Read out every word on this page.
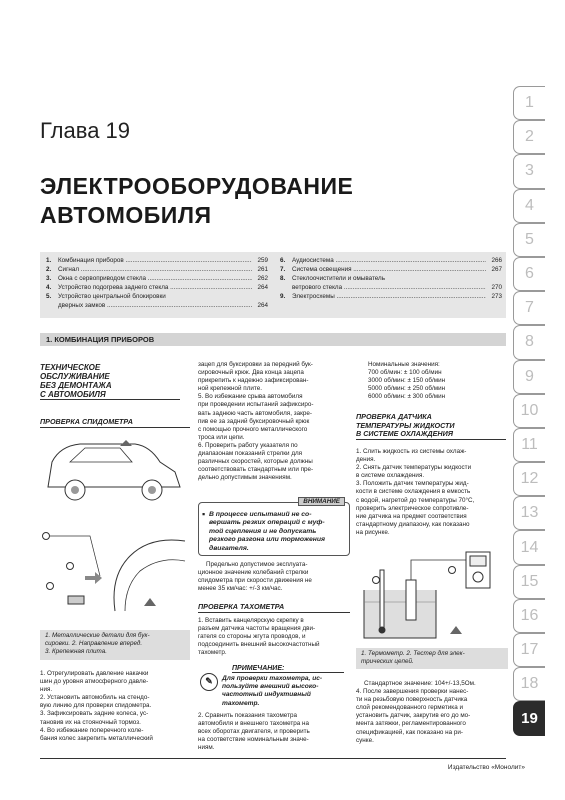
Глава 19
ЭЛЕКТРООБОРУДОВАНИЕ
АВТОМОБИЛЯ
1.	Комбинация приборов .....	259
2.	Сигнал .....	261
3.	Окна с сервоприводом стекла .....	262
4.	Устройство подогрева заднего стекла .....	264
5.	Устройство центральной блокировки
дверных замков .....	264
6.	Аудиосистема .....	266
7.	Система освещения .....	267
8.	Стеклоочистители и омыватель
ветрового стекла .....	270
9.	Электросхемы .....	273
1. КОМБИНАЦИЯ ПРИБОРОВ
ТЕХНИЧЕСКОЕ
ОБСЛУЖИВАНИЕ
БЕЗ ДЕМОНТАЖА
С АВТОМОБИЛЯ
ПРОВЕРКА СПИДОМЕТРА
1. Металлические детали для бук-
сировки. 2. Направление вперед.
3. Крепежная плита.
1. Отрегулировать давление накачки
шин до уровня атмосферного давле-
ния.
2. Установить автомобиль на стендо-
вую линию для проверки спидометра.
3. Зафиксировать задние колеса, ус-
тановив их на стояночный тормоз.
4. Во избежание поперечного коле-
бания колес закрепить металлический
зацеп для буксировки за передний бук-
сировочный крюк. Два конца зацепа
прикрепить к надежно зафиксирован-
ной крепежной плите.
5. Во избежание срыва автомобиля
при проведении испытаний зафиксиро-
вать заднюю часть автомобиля, закре-
пив ее за задний буксировочный крюк
с помощью прочного металлического
троса или цепи.
6. Проверить работу указателя по
диапазонам показаний стрелки для
различных скоростей, которые должны
соответствовать стандартным или пре-
дельно допустимым значениям.
ВНИМАНИЕ
▪ В процессе испытаний не со-
вершать резких операций с муф-
той сцепления и не допускать
резкого разгона или торможения
двигателя.
Предельно допустимое эксплуата-
ционное значение колебаний стрелки
спидометра при скорости движения не
менее 35 км/час: +/-3 км/час.
ПРОВЕРКА ТАХОМЕТРА
1. Вставить канцелярскую скрепку в
разъем датчика частоты вращения дви-
гателя со стороны жгута проводов, и
подсоединить внешний высокочастотный
тахометр.
✎
ПРИМЕЧАНИЕ:
Для проверки тахометра, ис-
пользуйте внешний высоко-
частотный индуктивный тахометр.
2. Сравнить показания тахометра
автомобиля и внешнего тахометра на
всех оборотах двигателя, и проверить
на соответствие номинальным значе-
ниям.
Номинальные значения:
700 об/мин: ± 100 об/мин
3000 об/мин: ± 150 об/мин
5000 об/мин: ± 250 об/мин
6000 об/мин: ± 300 об/мин
ПРОВЕРКА ДАТЧИКА
ТЕМПЕРАТУРЫ ЖИДКОСТИ
В СИСТЕМЕ ОХЛАЖДЕНИЯ
1. Слить жидкость из системы охлаж-
дения.
2. Снять датчик температуры жидкости
в системе охлаждения.
3. Положить датчик температуры жид-
кости в системе охлаждения в емкость
с водой, нагретой до температуры 70°С,
проверить электрическое сопротивле-
ние датчика на предмет соответствия
стандартному диапазону, как показано
на рисунке.
1. Термометр. 2. Тестер для элек-
трических цепей.
Стандартное значение: 104+/-13,5Ом.
4. После завершения проверки нанес-
ти на резьбовую поверхность датчика
слой рекомендованного герметика и
установить датчик, закрутив его до мо-
мента затяжки, регламентированного
спецификацией, как показано на ри-
сунке.
1
2
3
4
5
6
7
8
9
10
11
12
13
14
15
16
17
18
19
Издательство «Монолит»
